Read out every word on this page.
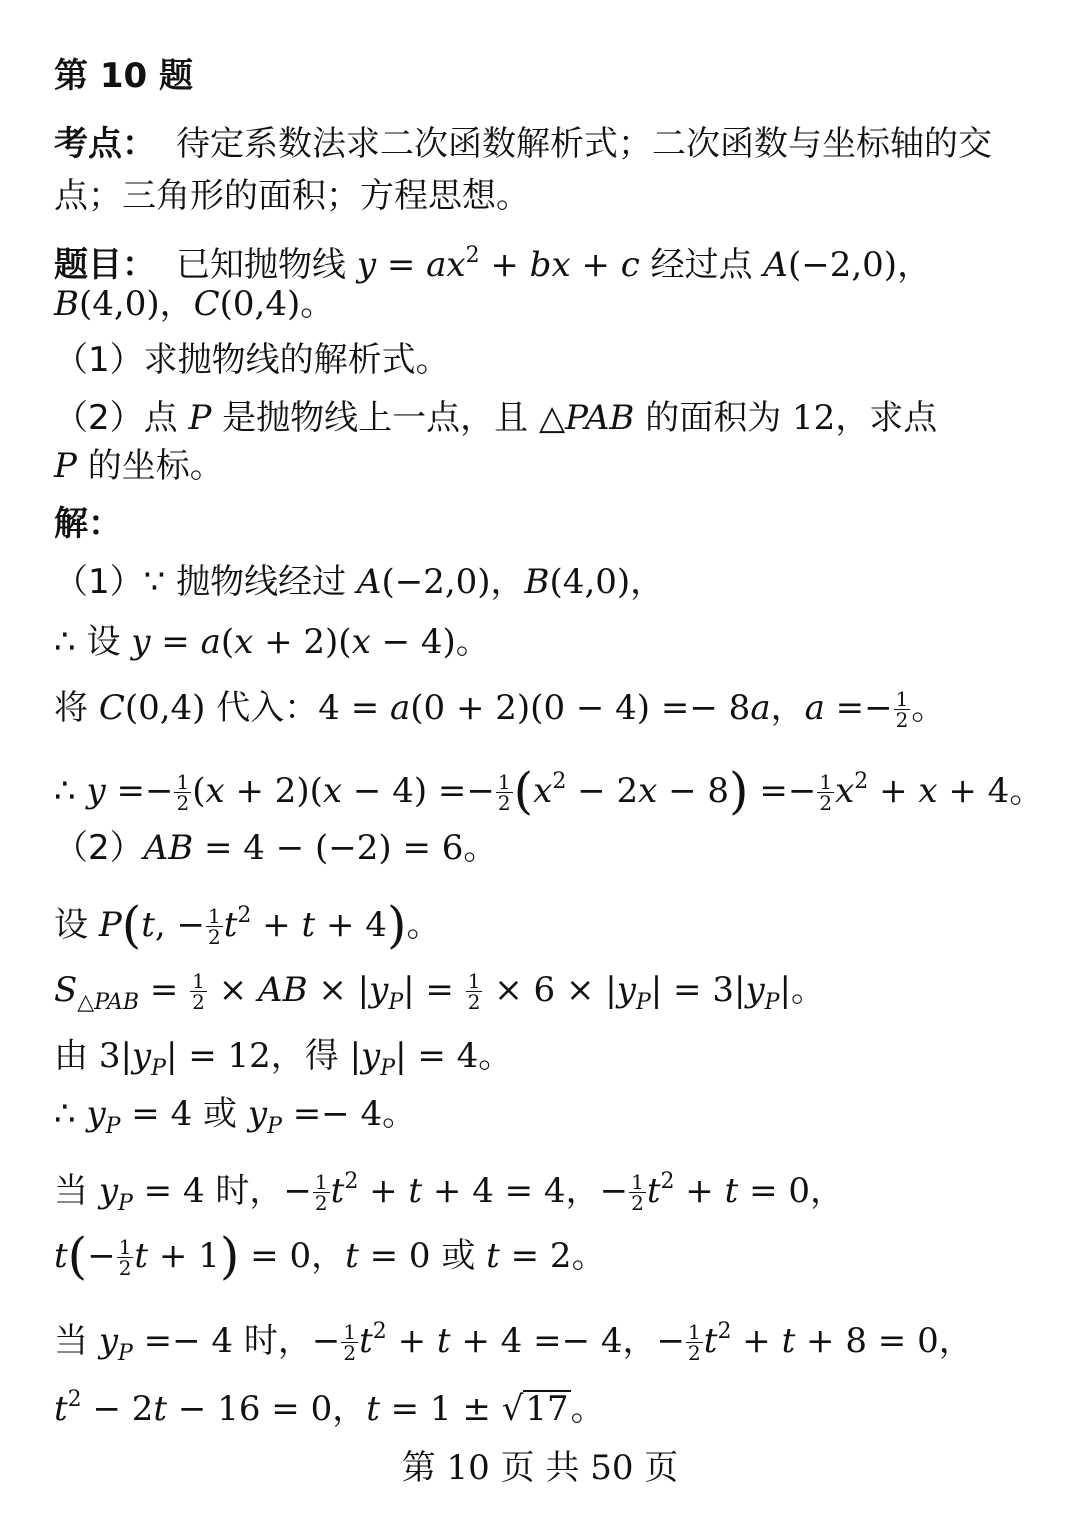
第 10 题
考点： 待定系数法求二次函数解析式；二次函数与坐标轴的交
点；三角形的面积；方程思想。
题目： 已知抛物线 $y = ax^2$ + bx + c 经过点 A(−2,0)，
B(4,0)，C(0,4)。
（1）求抛物线的解析式。
（2）点 P 是抛物线上一点，且 △PAB 的面积为 12，求点
P 的坐标。
解：
（1）∵ 抛物线经过 A(−2,0)，B(4,0)，
∴ 设 y = a(x + 2)(x − 4)。
将 C(0,4) 代入：4 = a(0 + 2)(0 − 4) =− 8a，$a =- \frac{1}{2}$ 。
∴ $y =- \frac{1}{2} (x + 2)(x - 4) =- \frac{1}{2} (x^2 - 2x - 8) =- \frac{1}{2} x^2 + x + 4$。
（2）AB = 4 − (−2) = 6。
设 P(t, − $\frac{1}{2} t^2 + t + 4$)。
$S_{\triangle PAB} = \frac{1}{2}$ × AB × $|y_P| = \frac{1}{2} \times 6 \times |y_P| = 3|y_P|$。
由 $3|y_P| = 12$，得 $|y_P| = 4$。
∴ $y_P = 4$ 或 $y_P =- 4$。
当 $y_P = 4$ 时，− $\frac{1}{2} t^2 + t + 4 = 4$，− $\frac{1}{2} t^2 + t = 0$，
$t(- \frac{1}{2}$ t + 1) = 0，t = 0 或 t = 2。
当 $y_P =- 4$ 时，− $\frac{1}{2} t^2 + t + 4 =- 4$，− $\frac{1}{2} t^2 + t + 8 = 0$，
$t^2 - 2t - 16 = 0$，t = 1 ± √17。
第 10 页 共 50 页
